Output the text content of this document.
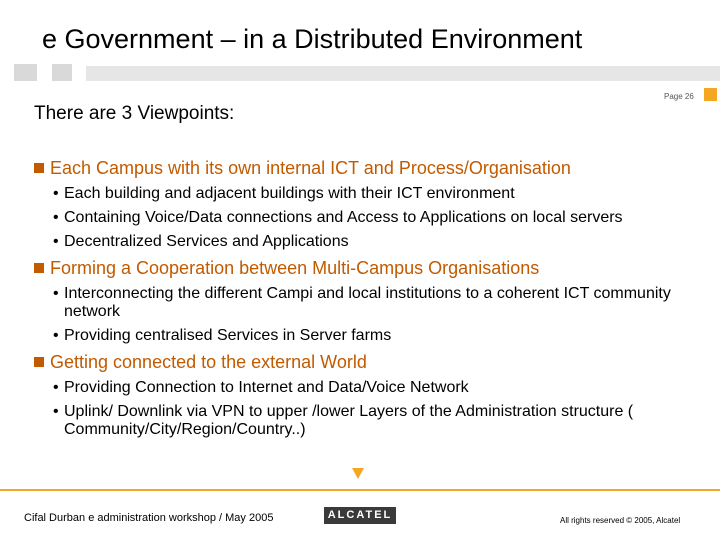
e Government – in a Distributed Environment
There are 3 Viewpoints:
Page 26
Each Campus with its own internal ICT and Process/Organisation
• Each building and adjacent buildings with their ICT environment
• Containing Voice/Data connections and Access to Applications on local servers
• Decentralized Services and Applications
Forming a Cooperation between Multi-Campus Organisations
• Interconnecting the different Campi and local institutions to a coherent ICT community network
• Providing centralised Services in Server farms
Getting connected to the external World
• Providing Connection to Internet and Data/Voice Network
• Uplink/ Downlink via VPN to upper /lower Layers of the Administration structure ( Community/City/Region/Country..)
Cifal Durban e administration workshop / May 2005	ALCATEL	All rights reserved © 2005, Alcatel
